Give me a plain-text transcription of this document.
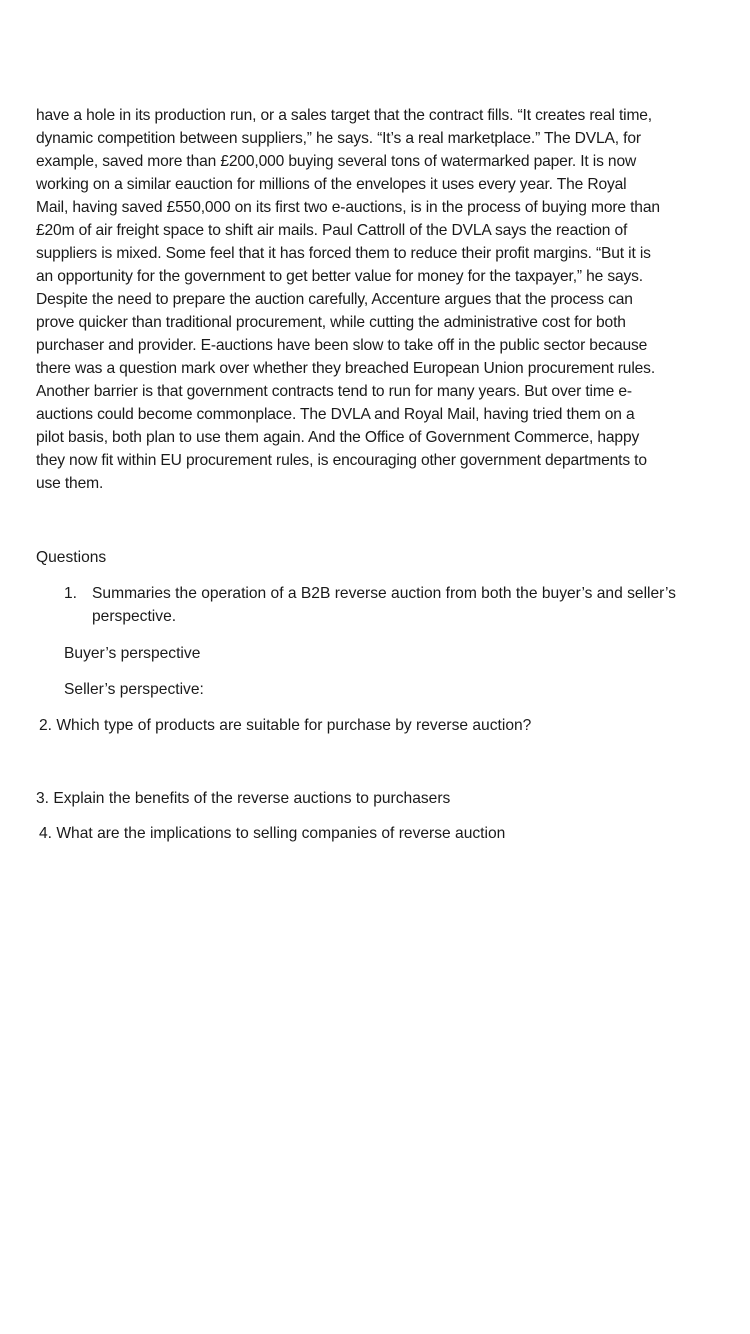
have a hole in its production run, or a sales target that the contract fills. “It creates real time,
dynamic competition between suppliers,” he says. “It’s a real marketplace.” The DVLA, for
example, saved more than £200,000 buying several tons of watermarked paper. It is now
working on a similar eauction for millions of the envelopes it uses every year. The Royal
Mail, having saved £550,000 on its first two e-auctions, is in the process of buying more than
£20m of air freight space to shift air mails. Paul Cattroll of the DVLA says the reaction of
suppliers is mixed. Some feel that it has forced them to reduce their profit margins. “But it is
an opportunity for the government to get better value for money for the taxpayer,” he says.
Despite the need to prepare the auction carefully, Accenture argues that the process can
prove quicker than traditional procurement, while cutting the administrative cost for both
purchaser and provider. E-auctions have been slow to take off in the public sector because
there was a question mark over whether they breached European Union procurement rules.
Another barrier is that government contracts tend to run for many years. But over time e-
auctions could become commonplace. The DVLA and Royal Mail, having tried them on a
pilot basis, both plan to use them again. And the Office of Government Commerce, happy
they now fit within EU procurement rules, is encouraging other government departments to
use them.

Questions

1. Summaries the operation of a B2B reverse auction from both the buyer’s and seller’s
perspective.
Buyer’s perspective
Seller’s perspective:
2. Which type of products are suitable for purchase by reverse auction?
3. Explain the benefits of the reverse auctions to purchasers
4. What are the implications to selling companies of reverse auction
